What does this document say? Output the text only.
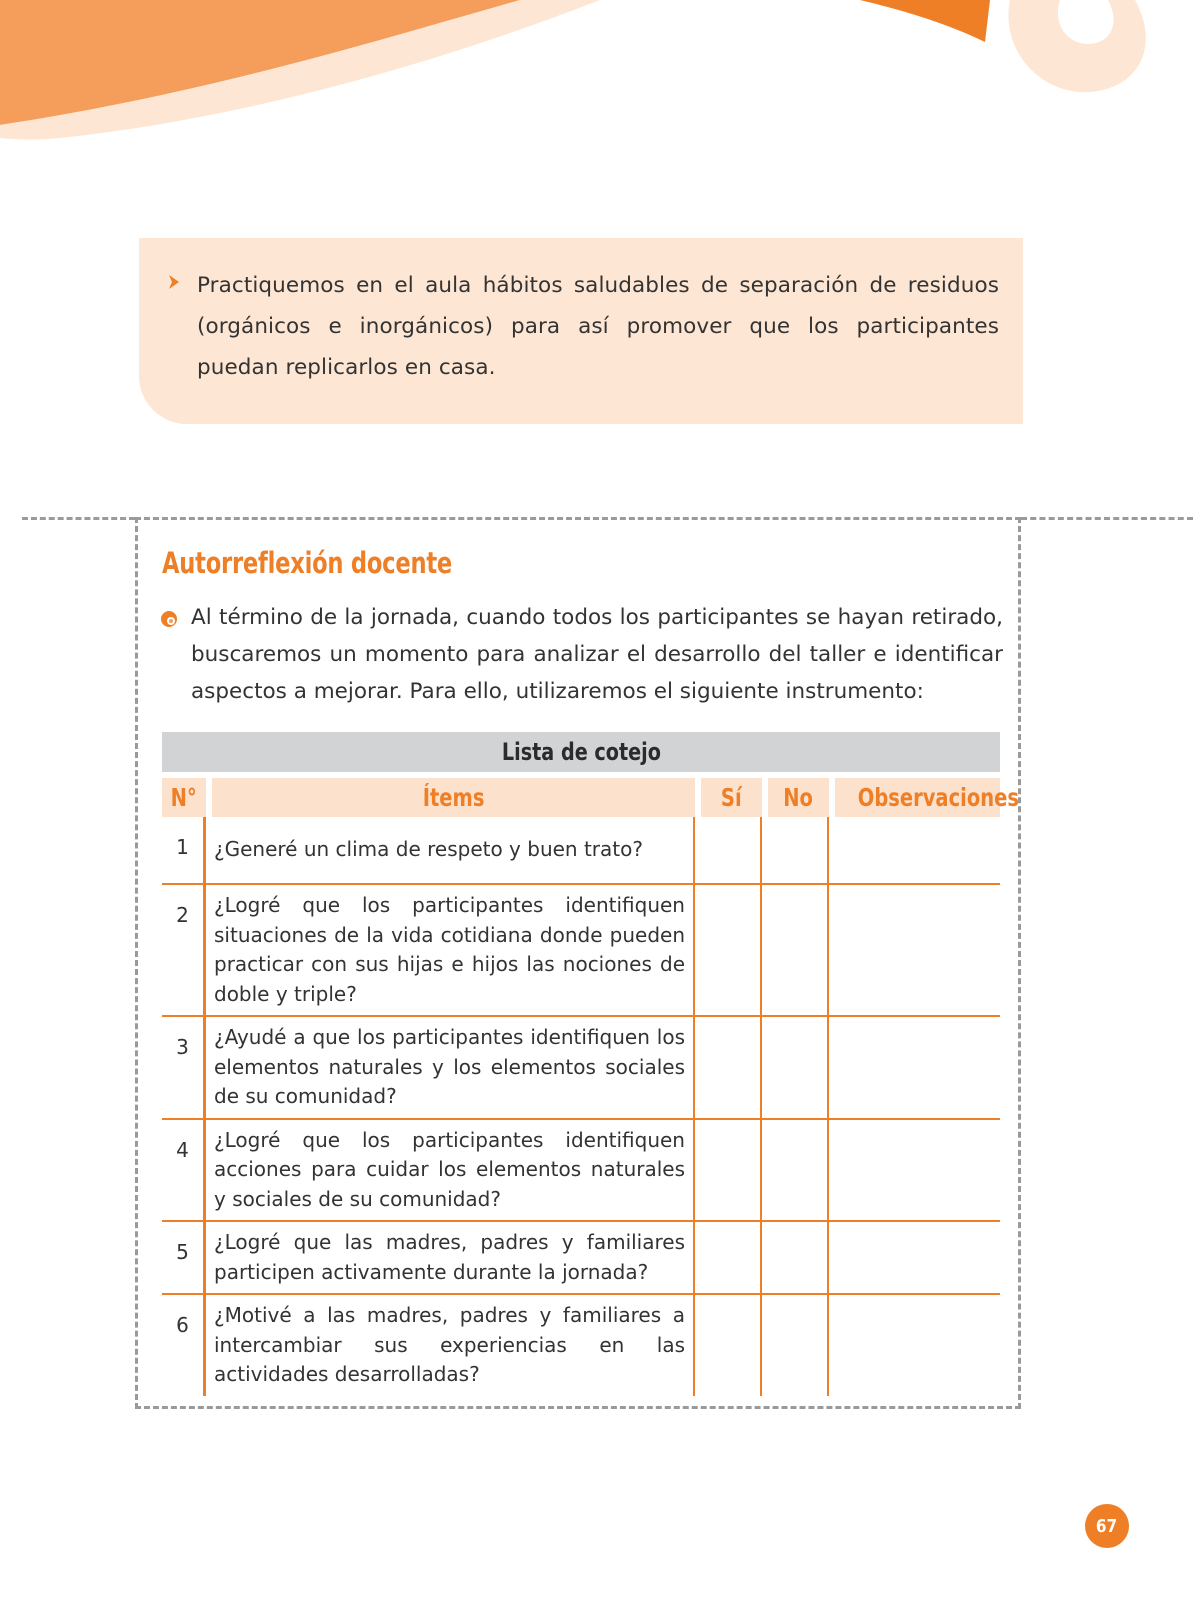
Practiquemos en el aula hábitos saludables de separación de residuos (orgánicos e inorgánicos) para así promover que los participantes puedan replicarlos en casa.
Autorreflexión docente
Al término de la jornada, cuando todos los participantes se hayan retirado, buscaremos un momento para analizar el desarrollo del taller e identificar aspectos a mejorar. Para ello, utilizaremos el siguiente instrumento:
Lista de cotejo				
N°	Ítems	Sí	No	Observaciones
1	¿Generé un clima de respeto y buen trato?			
2	¿Logré que los participantes identifiquen situaciones de la vida cotidiana donde pueden practicar con sus hijas e hijos las nociones de doble y triple?			
3	¿Ayudé a que los participantes identifiquen los elementos naturales y los elementos sociales de su comunidad?			
4	¿Logré que los participantes identifiquen acciones para cuidar los elementos naturales y sociales de su comunidad?			
5	¿Logré que las madres, padres y familiares participen activamente durante la jornada?			
6	¿Motivé a las madres, padres y familiares a intercambiar sus experiencias en las actividades desarrolladas?			
67
